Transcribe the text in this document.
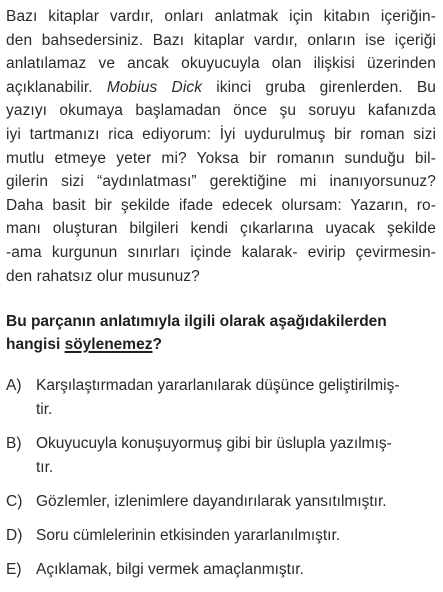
Bazı kitaplar vardır, onları anlatmak için kitabın içeriğin-
den bahsedersiniz. Bazı kitaplar vardır, onların ise içeriği
anlatılamaz ve ancak okuyucuyla olan ilişkisi üzerinden
açıklanabilir. Mobius Dick ikinci gruba girenlerden. Bu
yazıyı okumaya başlamadan önce şu soruyu kafanızda
iyi tartmanızı rica ediyorum: İyi uydurulmuş bir roman sizi
mutlu etmeye yeter mi? Yoksa bir romanın sunduğu bil-
gilerin sizi “aydınlatması” gerektiğine mi inanıyorsunuz?
Daha basit bir şekilde ifade edecek olursam: Yazarın, ro-
manı oluşturan bilgileri kendi çıkarlarına uyacak şekilde
-ama kurgunun sınırları içinde kalarak- evirip çevirmesin-
den rahatsız olur musunuz?
Bu parçanın anlatımıyla ilgili olarak aşağıdakilerden
hangisi söylenemez?
A) Karşılaştırmadan yararlanılarak düşünce geliştirilmiş-
tir.
B) Okuyucuyla konuşuyormuş gibi bir üslupla yazılmış-
tır.
C) Gözlemler, izlenimlere dayandırılarak yansıtılmıştır.
D) Soru cümlelerinin etkisinden yararlanılmıştır.
E) Açıklamak, bilgi vermek amaçlanmıştır.
